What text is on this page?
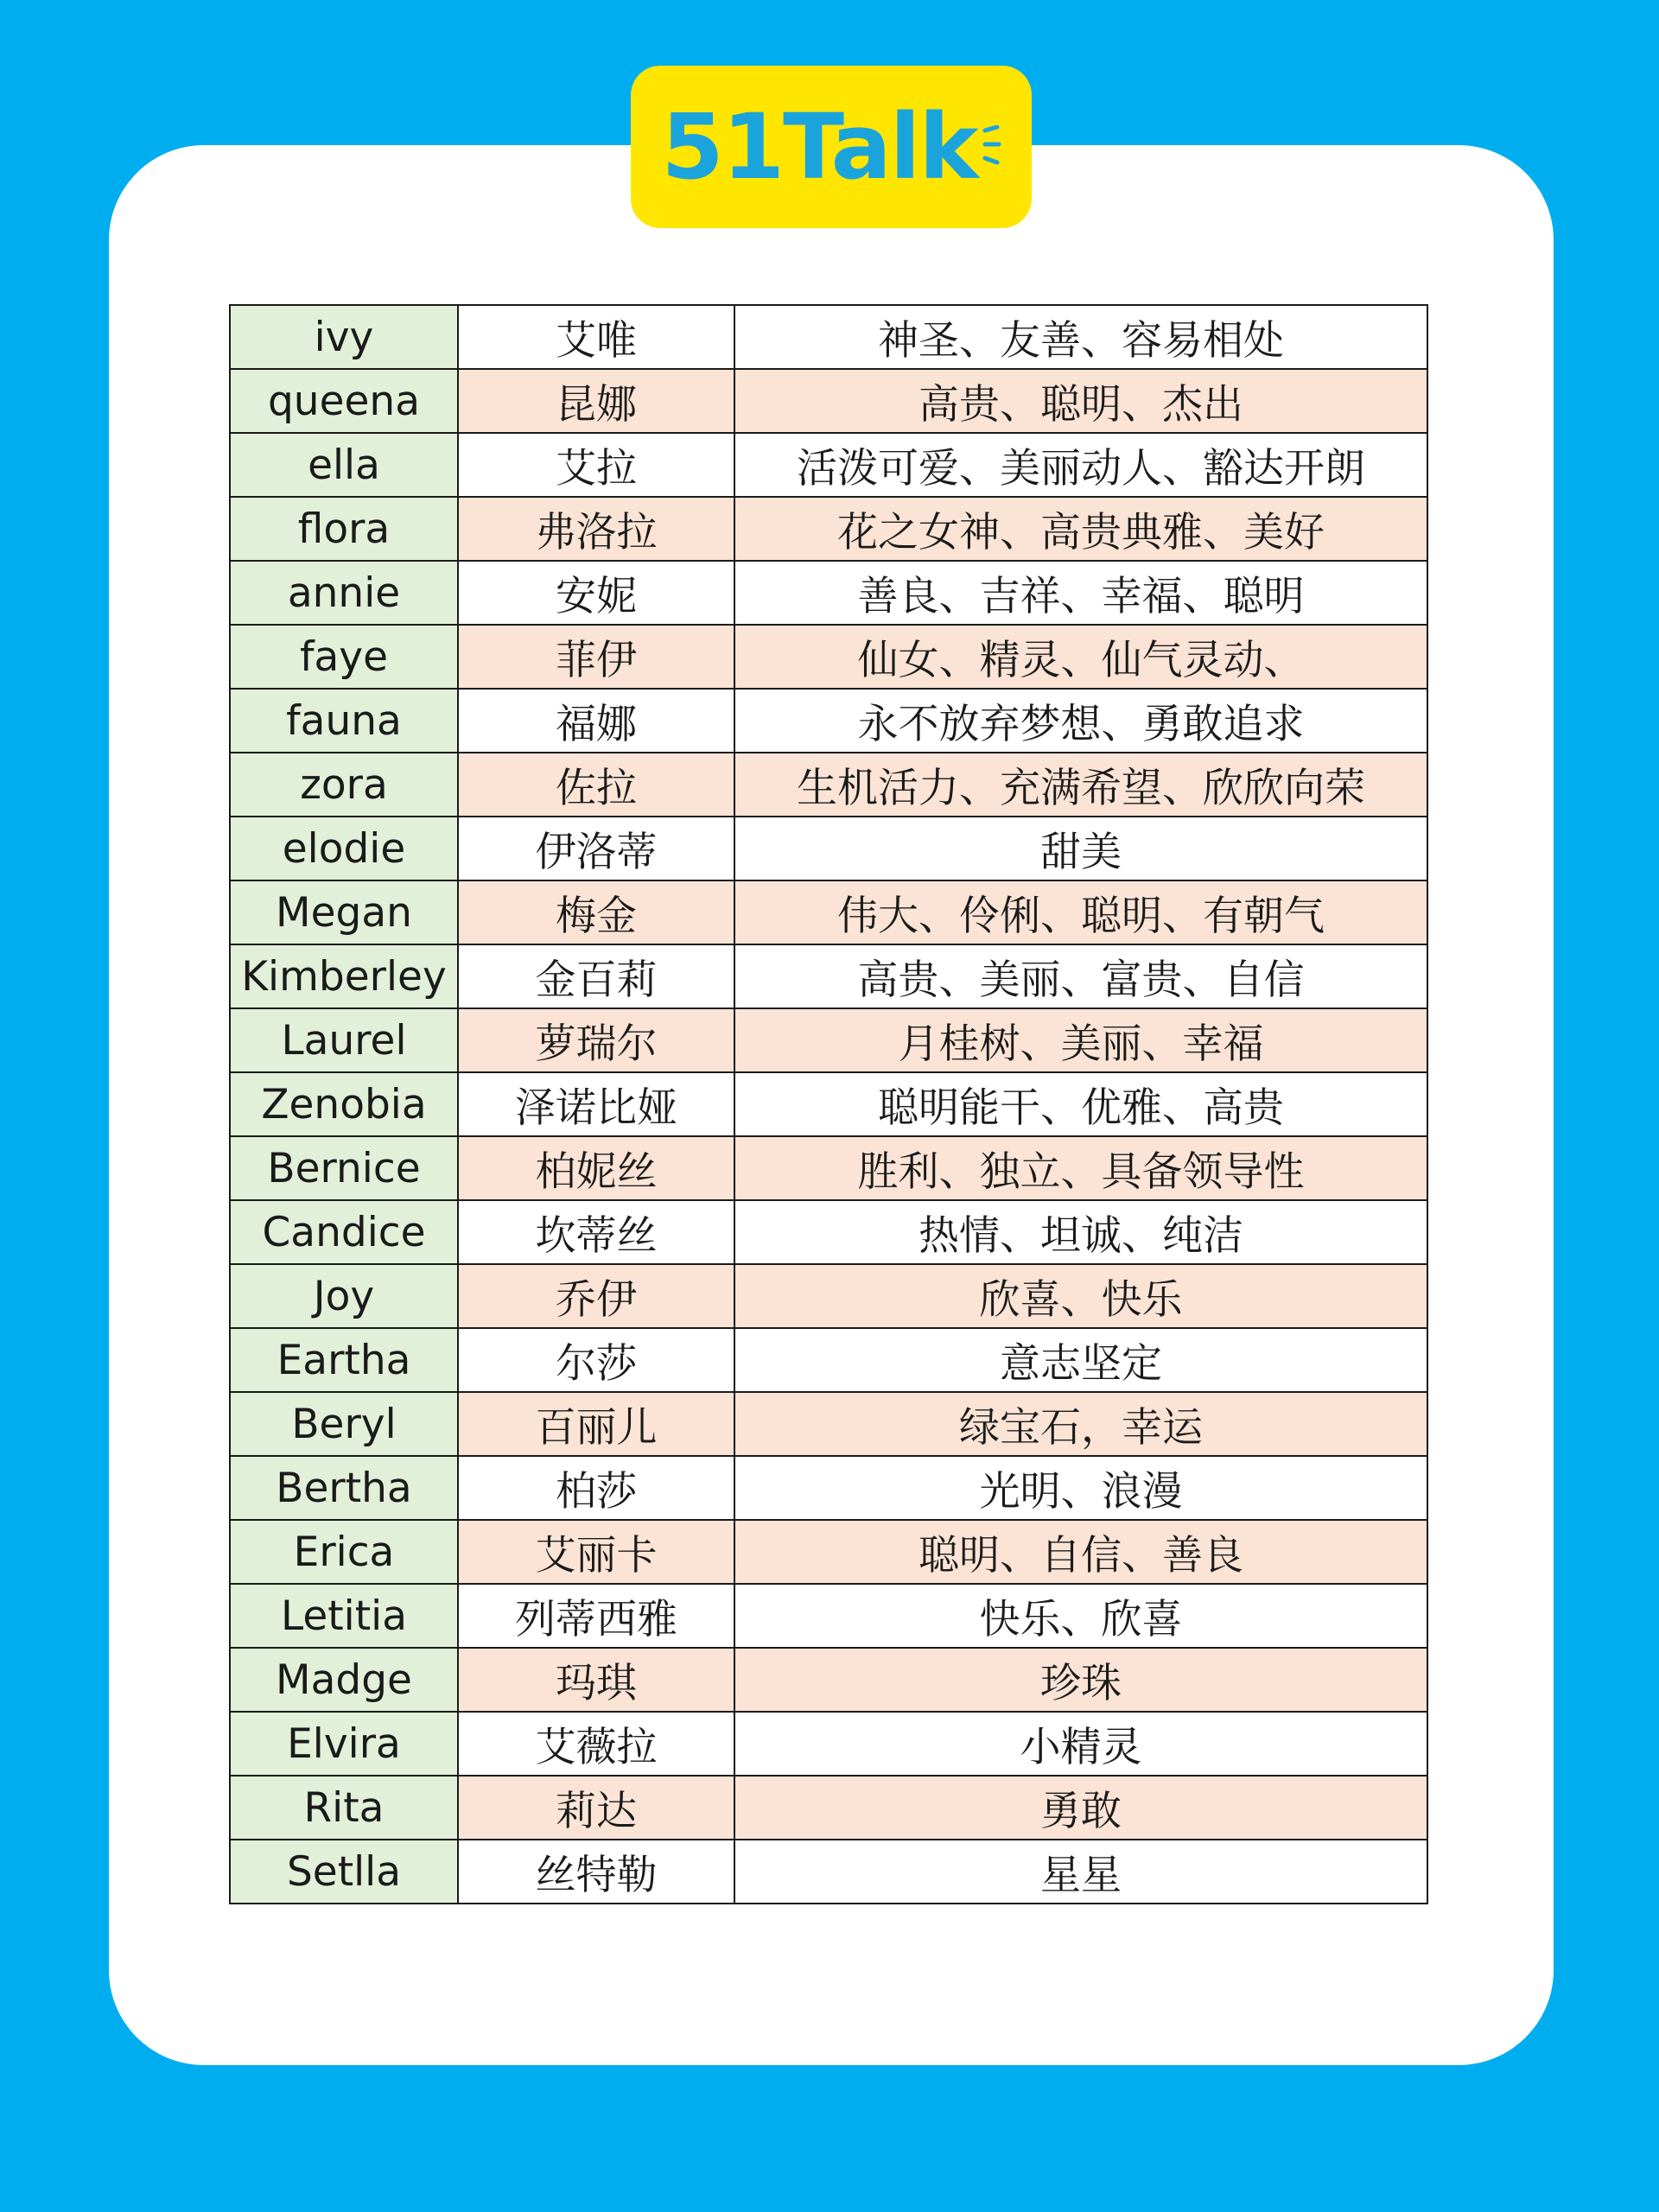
51Talk
ivy	艾唯	神圣、友善、容易相处
queena	昆娜	高贵、聪明、杰出
ella	艾拉	活泼可爱、美丽动人、豁达开朗
flora	弗洛拉	花之女神、高贵典雅、美好
annie	安妮	善良、吉祥、幸福、聪明
faye	菲伊	仙女、精灵、仙气灵动、
fauna	福娜	永不放弃梦想、勇敢追求
zora	佐拉	生机活力、充满希望、欣欣向荣
elodie	伊洛蒂	甜美
Megan	梅金	伟大、伶俐、聪明、有朝气
Kimberley	金百莉	高贵、美丽、富贵、自信
Laurel	萝瑞尔	月桂树、美丽、幸福
Zenobia	泽诺比娅	聪明能干、优雅、高贵
Bernice	柏妮丝	胜利、独立、具备领导性
Candice	坎蒂丝	热情、坦诚、纯洁
Joy	乔伊	欣喜、快乐
Eartha	尔莎	意志坚定
Beryl	百丽儿	绿宝石，幸运
Bertha	柏莎	光明、浪漫
Erica	艾丽卡	聪明、自信、善良
Letitia	列蒂西雅	快乐、欣喜
Madge	玛琪	珍珠
Elvira	艾薇拉	小精灵
Rita	莉达	勇敢
Setlla	丝特勒	星星
